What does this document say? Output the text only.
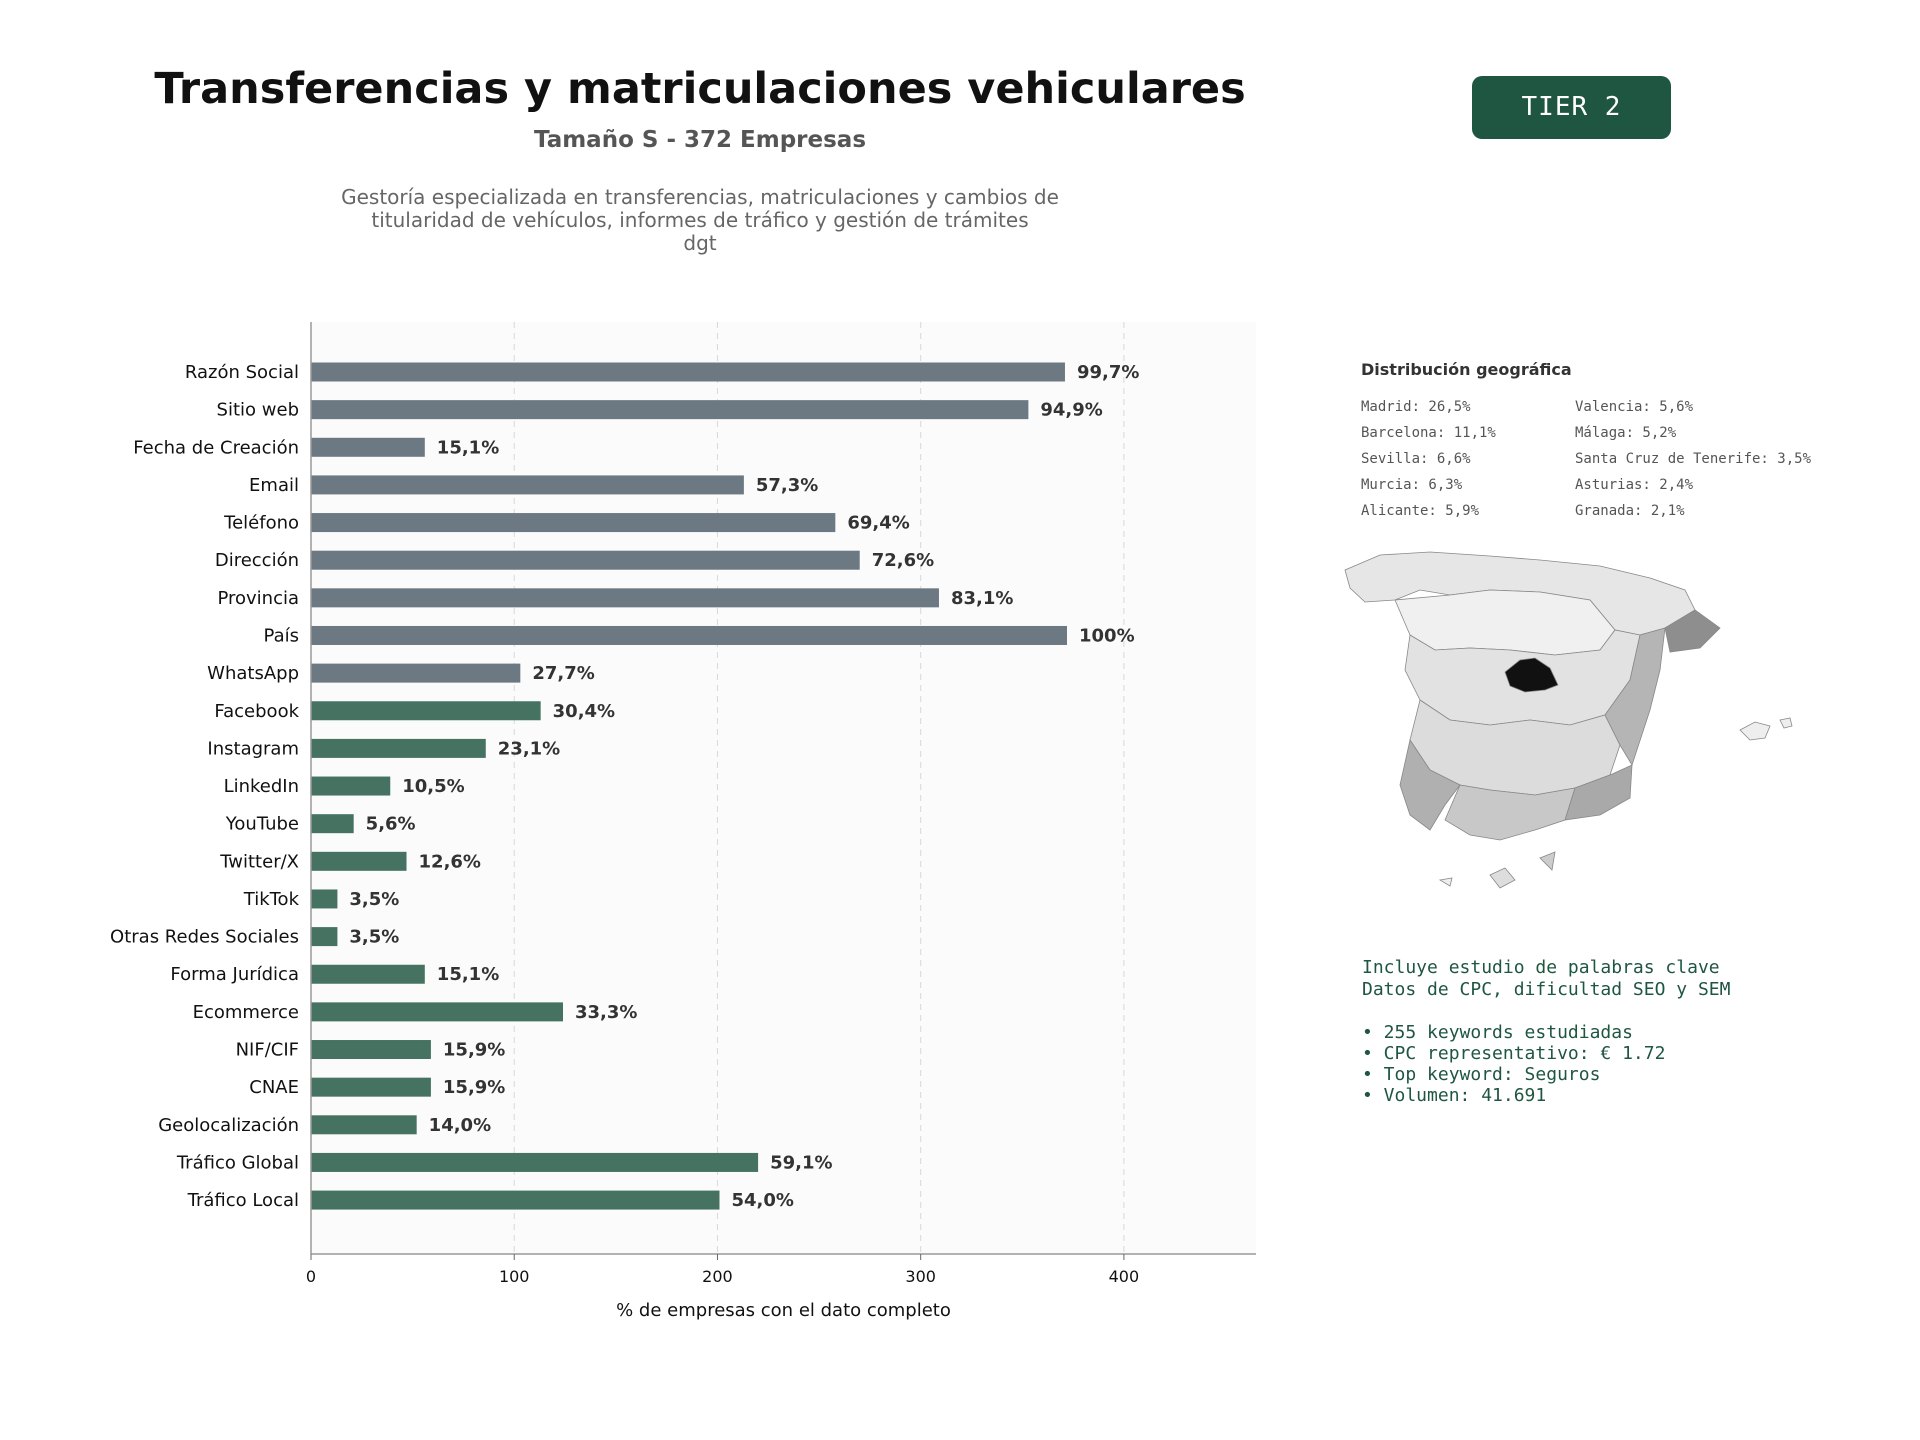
Transferencias y matriculaciones vehiculares
Tamaño S - 372 Empresas
Gestoría especializada en transferencias, matriculaciones y cambios de
titularidad de vehículos, informes de tráfico y gestión de trámites
dgt
TIER 2
Razón Social	99,7%
Sitio web	94,9%
Fecha de Creación	15,1%
Email	57,3%
Teléfono	69,4%
Dirección	72,6%
Provincia	83,1%
País	100%
WhatsApp	27,7%
Facebook	30,4%
Instagram	23,1%
LinkedIn	10,5%
YouTube	5,6%
Twitter/X	12,6%
TikTok	3,5%
Otras Redes Sociales	3,5%
Forma Jurídica	15,1%
Ecommerce	33,3%
NIF/CIF	15,9%
CNAE	15,9%
Geolocalización	14,0%
Tráfico Global	59,1%
Tráfico Local	54,0%
0	100	200	300	400
% de empresas con el dato completo
Distribución geográfica
Madrid: 26,5%
Barcelona: 11,1%
Sevilla: 6,6%
Murcia: 6,3%
Alicante: 5,9%
Valencia: 5,6%
Málaga: 5,2%
Santa Cruz de Tenerife: 3,5%
Asturias: 2,4%
Granada: 2,1%
Incluye estudio de palabras clave
Datos de CPC, dificultad SEO y SEM
• 255 keywords estudiadas
• CPC representativo: € 1.72
• Top keyword: Seguros
• Volumen: 41.691
